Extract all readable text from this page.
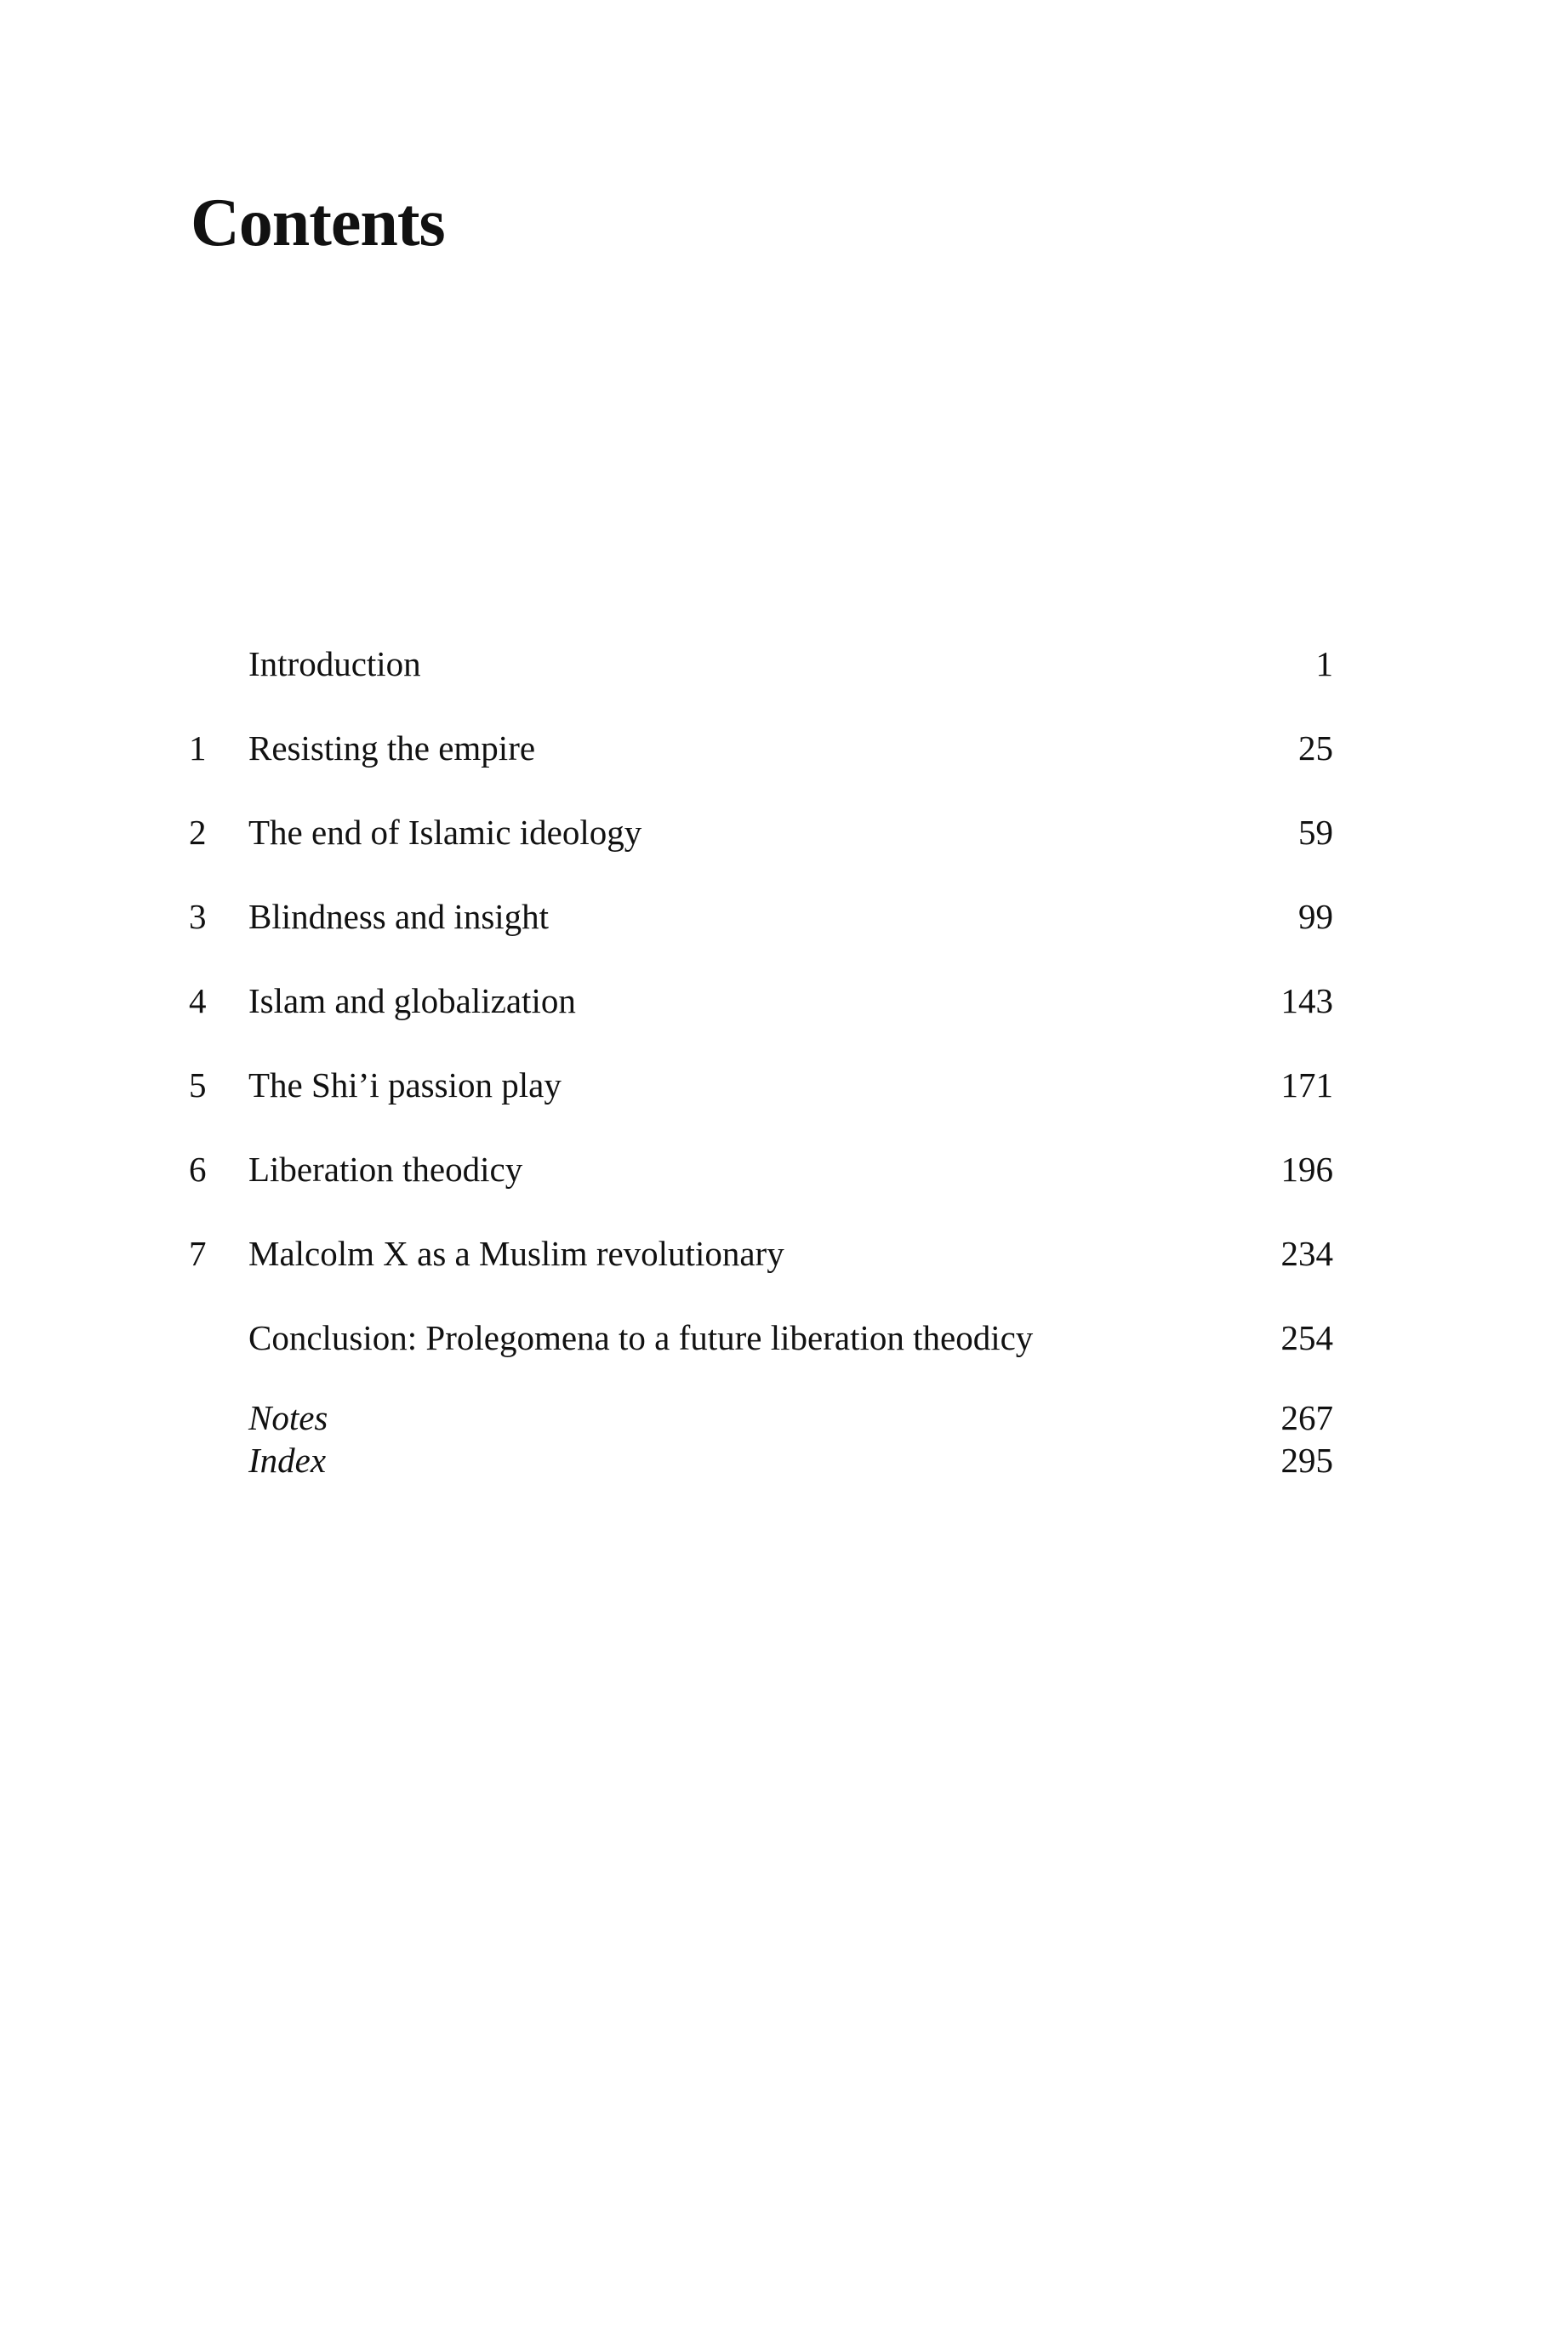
Contents
Introduction	1
1 Resisting the empire	25
2 The end of Islamic ideology	59
3 Blindness and insight	99
4 Islam and globalization	143
5 The Shi’i passion play	171
6 Liberation theodicy	196
7 Malcolm X as a Muslim revolutionary	234
Conclusion: Prolegomena to a future liberation theodicy	254
Notes	267
Index	295
